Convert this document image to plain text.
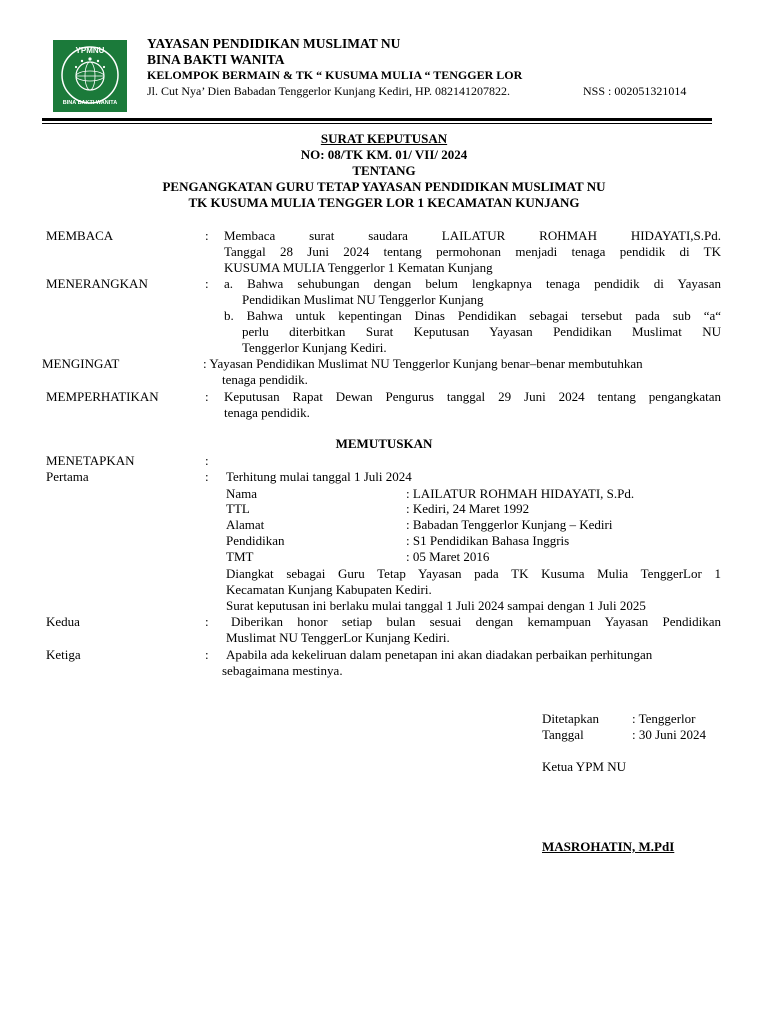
YPMNU
BINA BAKTI WANITA
YAYASAN PENDIDIKAN MUSLIMAT NU
BINA BAKTI WANITA
KELOMPOK BERMAIN & TK “ KUSUMA MULIA “ TENGGER LOR
Jl. Cut Nya’ Dien Babadan Tenggerlor Kunjang Kediri, HP. 082141207822.	NSS : 002051321014
SURAT KEPUTUSAN
NO: 08/TK KM. 01/ VII/ 2024
TENTANG
PENGANGKATAN GURU TETAP YAYASAN PENDIDIKAN MUSLIMAT NU
TK KUSUMA MULIA TENGGER LOR 1 KECAMATAN KUNJANG
MEMBACA	: Membaca surat saudara LAILATUR ROHMAH HIDAYATI,S.Pd.
Tanggal 28 Juni 2024 tentang permohonan menjadi tenaga pendidik di TK
KUSUMA MULIA Tenggerlor 1 Kematan Kunjang
MENERANGKAN	: a. Bahwa sehubungan dengan belum lengkapnya tenaga pendidik di Yayasan
Pendidikan Muslimat NU Tenggerlor Kunjang
b. Bahwa untuk kepentingan Dinas Pendidikan sebagai tersebut pada sub “a“
perlu diterbitkan Surat Keputusan Yayasan Pendidikan Muslimat NU
Tenggerlor Kunjang Kediri.
MENGINGAT	: Yayasan Pendidikan Muslimat NU Tenggerlor Kunjang benar–benar membutuhkan
tenaga pendidik.
MEMPERHATIKAN	: Keputusan Rapat Dewan Pengurus tanggal 29 Juni 2024 tentang pengangkatan
tenaga pendidik.
MEMUTUSKAN
MENETAPKAN	:
Pertama	: Terhitung mulai tanggal 1 Juli 2024
Nama	: LAILATUR ROHMAH HIDAYATI, S.Pd.
TTL	: Kediri, 24 Maret 1992
Alamat	: Babadan Tenggerlor Kunjang – Kediri
Pendidikan	: S1 Pendidikan Bahasa Inggris
TMT	: 05 Maret 2016
Diangkat sebagai Guru Tetap Yayasan pada TK Kusuma Mulia TenggerLor 1
Kecamatan Kunjang Kabupaten Kediri.
Surat keputusan ini berlaku mulai tanggal 1 Juli 2024 sampai dengan 1 Juli 2025
Kedua	: Diberikan honor setiap bulan sesuai dengan kemampuan Yayasan Pendidikan
Muslimat NU TenggerLor Kunjang Kediri.
Ketiga	: Apabila ada kekeliruan dalam penetapan ini akan diadakan perbaikan perhitungan
sebagaimana mestinya.
Ditetapkan	: Tenggerlor
Tanggal	: 30 Juni 2024
Ketua YPM NU
MASROHATIN, M.PdI
